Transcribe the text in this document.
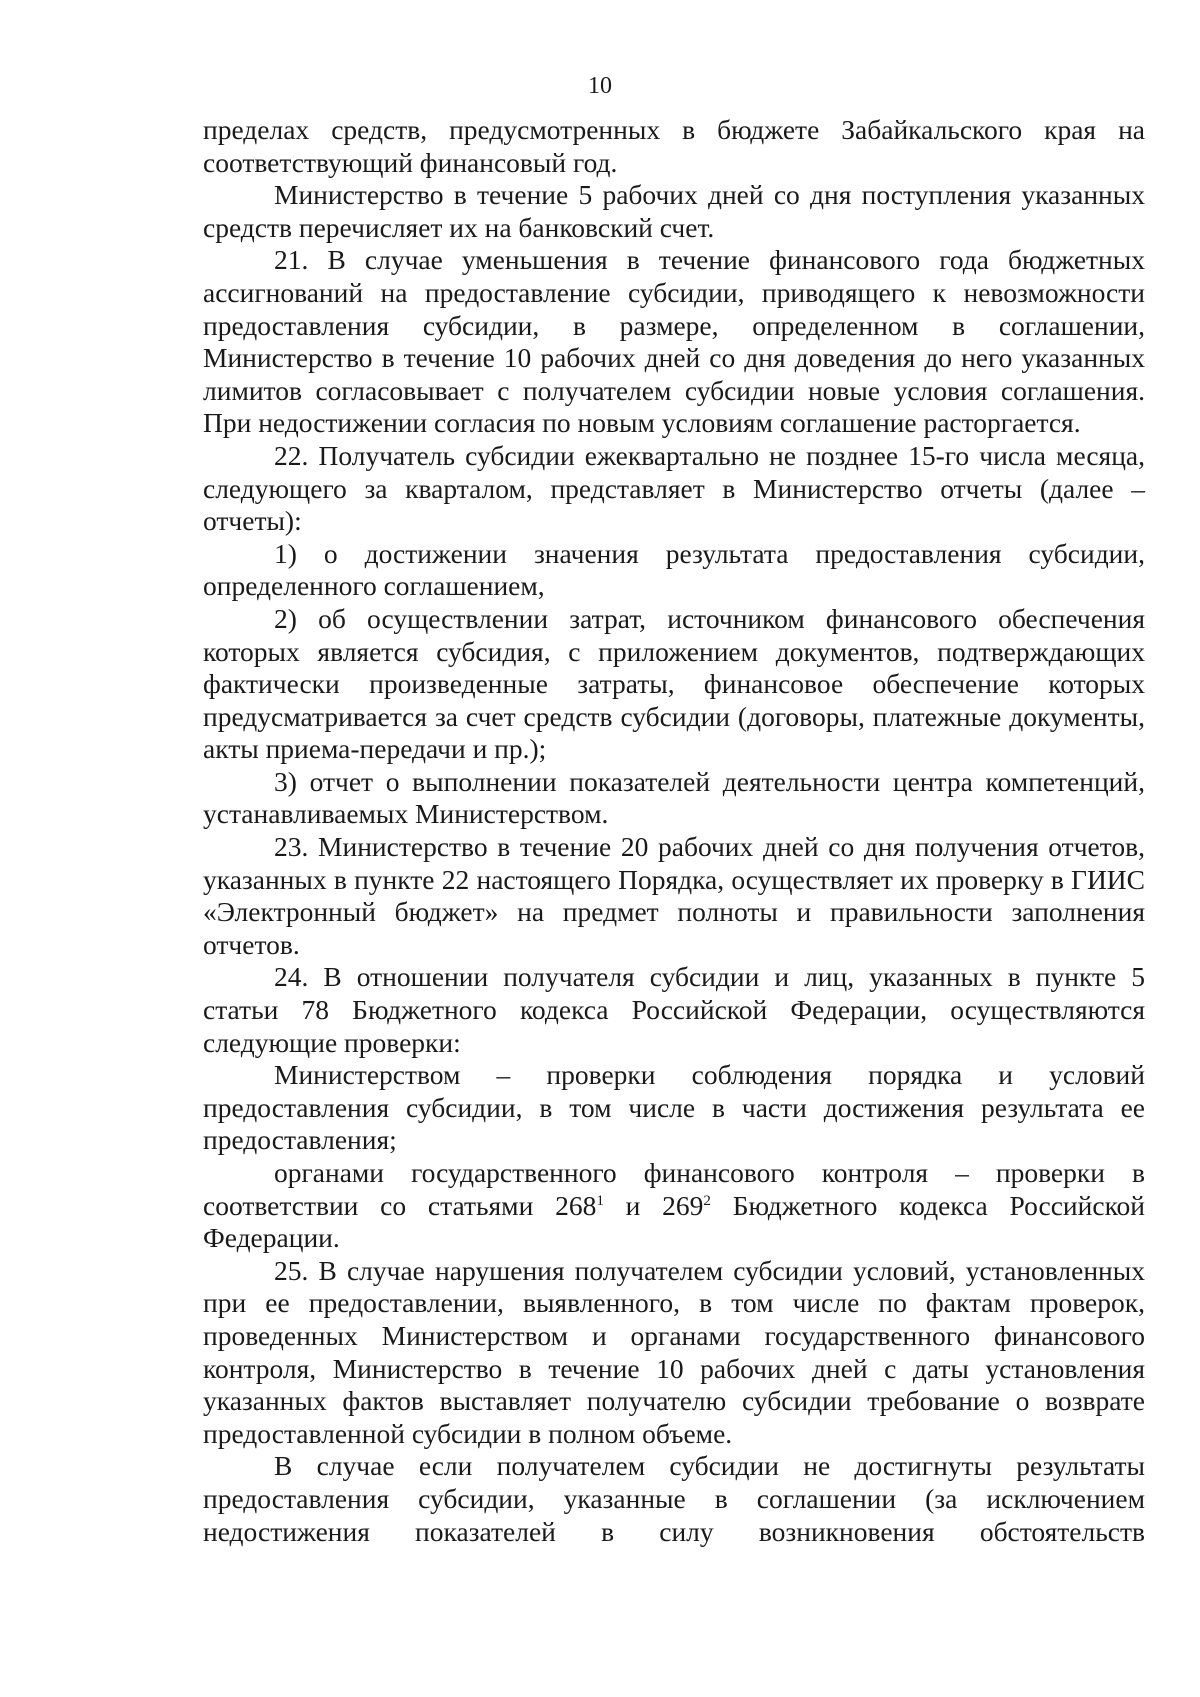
10

пределах средств, предусмотренных в бюджете Забайкальского края на соответствующий финансовый год.

Министерство в течение 5 рабочих дней со дня поступления указанных средств перечисляет их на банковский счет.

21. В случае уменьшения в течение финансового года бюджетных ассигнований на предоставление субсидии, приводящего к невозможности предоставления субсидии, в размере, определенном в соглашении, Министерство в течение 10 рабочих дней со дня доведения до него указанных лимитов согласовывает с получателем субсидии новые условия соглашения. При недостижении согласия по новым условиям соглашение расторгается.

22. Получатель субсидии ежеквартально не позднее 15-го числа месяца, следующего за кварталом, представляет в Министерство отчеты (далее – отчеты):

1) о достижении значения результата предоставления субсидии, определенного соглашением,

2) об осуществлении затрат, источником финансового обеспечения которых является субсидия, с приложением документов, подтверждающих фактически произведенные затраты, финансовое обеспечение которых предусматривается за счет средств субсидии (договоры, платежные документы, акты приема-передачи и пр.);

3) отчет о выполнении показателей деятельности центра компетенций, устанавливаемых Министерством.

23. Министерство в течение 20 рабочих дней со дня получения отчетов, указанных в пункте 22 настоящего Порядка, осуществляет их проверку в ГИИС «Электронный бюджет» на предмет полноты и правильности заполнения отчетов.

24. В отношении получателя субсидии и лиц, указанных в пункте 5 статьи 78 Бюджетного кодекса Российской Федерации, осуществляются следующие проверки:

Министерством – проверки соблюдения порядка и условий предоставления субсидии, в том числе в части достижения результата ее предоставления;

органами государственного финансового контроля – проверки в соответствии со статьями $268^1$ и $269^2$ Бюджетного кодекса Российской Федерации.

25. В случае нарушения получателем субсидии условий, установленных при ее предоставлении, выявленного, в том числе по фактам проверок, проведенных Министерством и органами государственного финансового контроля, Министерство в течение 10 рабочих дней с даты установления указанных фактов выставляет получателю субсидии требование о возврате предоставленной субсидии в полном объеме.

В случае если получателем субсидии не достигнуты результаты предоставления субсидии, указанные в соглашении (за исключением недостижения показателей в силу возникновения обстоятельств
